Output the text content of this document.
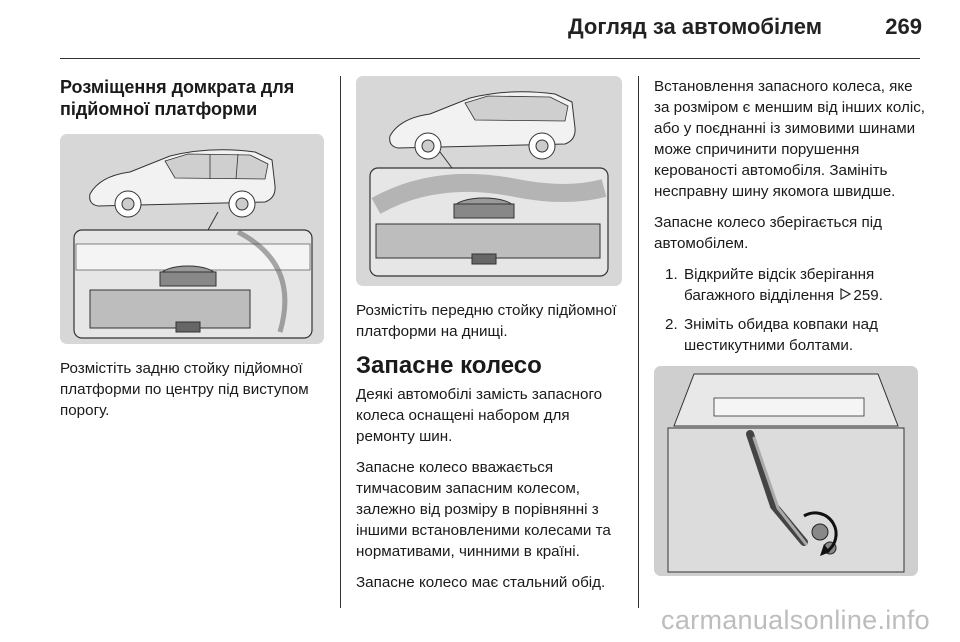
Догляд за автомобілем	269
Розміщення домкрата для підйомної платформи
Розмістіть задню стойку підйомної платформи по центру під виступом порогу.
Розмістіть передню стойку підйомної платформи на днищі.
Запасне колесо
Деякі автомобілі замість запасного колеса оснащені набором для ремонту шин.
Запасне колесо вважається тимчасовим запасним колесом, залежно від розміру в порівнянні з іншими встановленими колесами та нормативами, чинними в країні.
Запасне колесо має стальний обід.
Встановлення запасного колеса, яке за розміром є меншим від інших коліс, або у поєднанні із зимовими шинами може спричинити порушення керованості автомобіля. Замініть несправну шину якомога швидше.
Запасне колесо зберігається під автомобілем.
1. Відкрийте відсік зберігання багажного відділення 259.
2. Зніміть обидва ковпаки над шестикутними болтами.
carmanualsonline.info
